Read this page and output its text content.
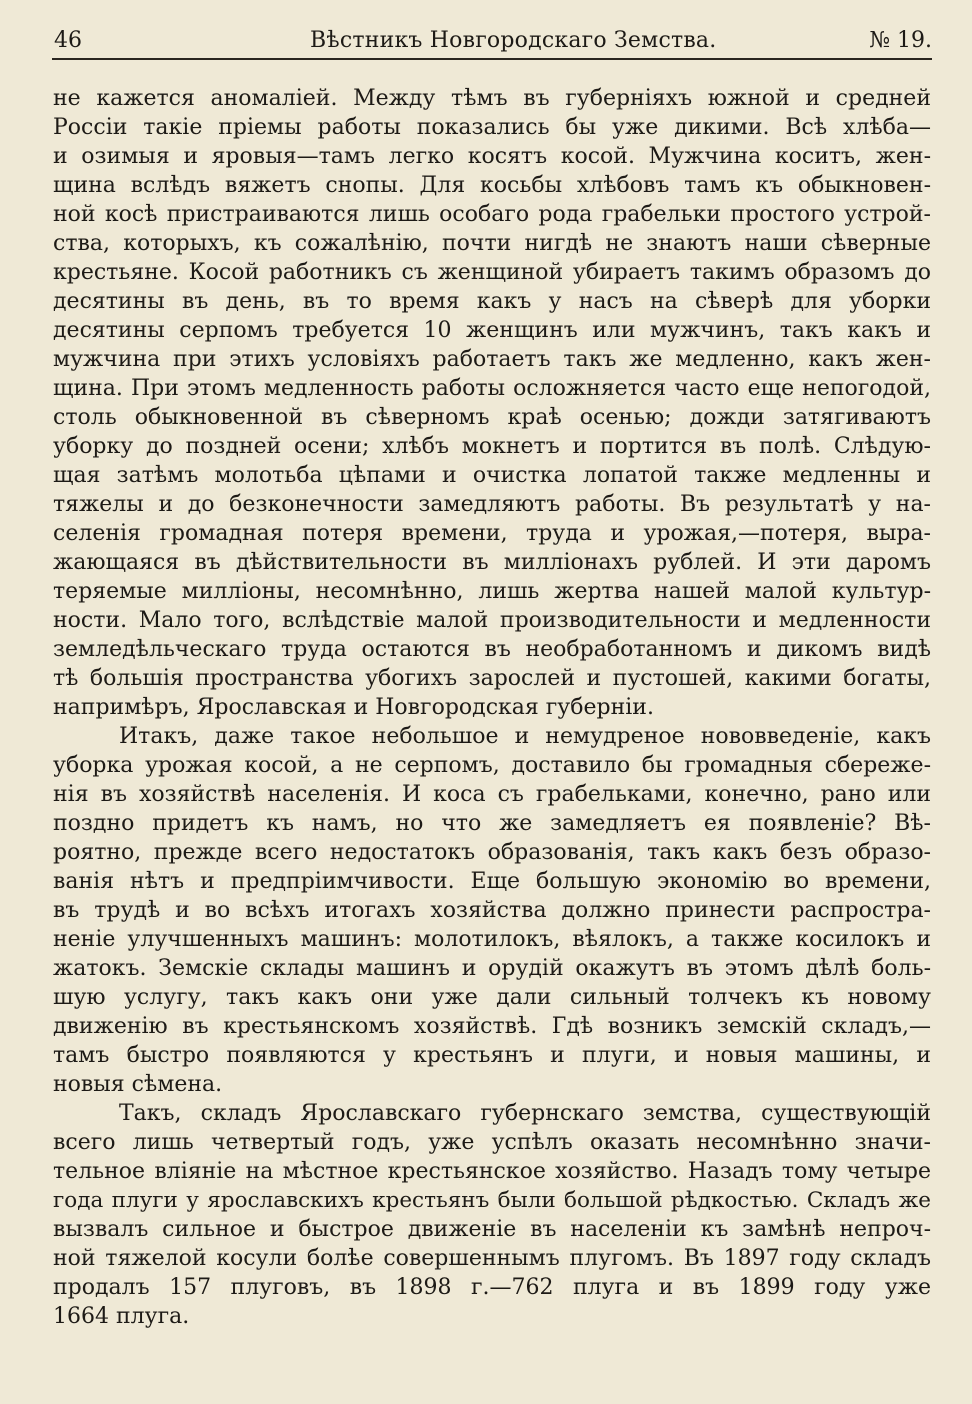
46	Вѣстникъ Новгородскаго Земства.	№ 19.
не кажется аномаліей. Между тѣмъ въ губерніяхъ южной и средней
Россіи такіе пріемы работы показались бы уже дикими. Всѣ хлѣба—
и озимыя и яровыя—тамъ легко косятъ косой. Мужчина коситъ, жен-
щина вслѣдъ вяжетъ снопы. Для косьбы хлѣбовъ тамъ къ обыкновен-
ной косѣ пристраиваются лишь особаго рода грабельки простого устрой-
ства, которыхъ, къ сожалѣнію, почти нигдѣ не знаютъ наши сѣверные
крестьяне. Косой работникъ съ женщиной убираетъ такимъ образомъ до
десятины въ день, въ то время какъ у насъ на сѣверѣ для уборки
десятины серпомъ требуется 10 женщинъ или мужчинъ, такъ какъ и
мужчина при этихъ условіяхъ работаетъ такъ же медленно, какъ жен-
щина. При этомъ медленность работы осложняется часто еще непогодой,
столь обыкновенной въ сѣверномъ краѣ осенью; дожди затягиваютъ
уборку до поздней осени; хлѣбъ мокнетъ и портится въ полѣ. Слѣдую-
щая затѣмъ молотьба цѣпами и очистка лопатой также медленны и
тяжелы и до безконечности замедляютъ работы. Въ результатѣ у на-
селенія громадная потеря времени, труда и урожая,—потеря, выра-
жающаяся въ дѣйствительности въ милліонахъ рублей. И эти даромъ
теряемые милліоны, несомнѣнно, лишь жертва нашей малой культур-
ности. Мало того, вслѣдствіе малой производительности и медленности
земледѣльческаго труда остаются въ необработанномъ и дикомъ видѣ
тѣ большія пространства убогихъ зарослей и пустошей, какими богаты,
напримѣръ, Ярославская и Новгородская губерніи.
Итакъ, даже такое небольшое и немудреное нововведеніе, какъ
уборка урожая косой, а не серпомъ, доставило бы громадныя сбереже-
нія въ хозяйствѣ населенія. И коса съ грабельками, конечно, рано или
поздно придетъ къ намъ, но что же замедляетъ ея появленіе? Вѣ-
роятно, прежде всего недостатокъ образованія, такъ какъ безъ образо-
ванія нѣтъ и предпріимчивости. Еще большую экономію во времени,
въ трудѣ и во всѣхъ итогахъ хозяйства должно принести распростра-
неніе улучшенныхъ машинъ: молотилокъ, вѣялокъ, а также косилокъ и
жатокъ. Земскіе склады машинъ и орудій окажутъ въ этомъ дѣлѣ боль-
шую услугу, такъ какъ они уже дали сильный толчекъ къ новому
движенію въ крестьянскомъ хозяйствѣ. Гдѣ возникъ земскій складъ,—
тамъ быстро появляются у крестьянъ и плуги, и новыя машины, и
новыя сѣмена.
Такъ, складъ Ярославскаго губернскаго земства, существующій
всего лишь четвертый годъ, уже успѣлъ оказать несомнѣнно значи-
тельное вліяніе на мѣстное крестьянское хозяйство. Назадъ тому четыре
года плуги у ярославскихъ крестьянъ были большой рѣдкостью. Складъ же
вызвалъ сильное и быстрое движеніе въ населеніи къ замѣнѣ непроч-
ной тяжелой косули болѣе совершеннымъ плугомъ. Въ 1897 году складъ
продалъ 157 плуговъ, въ 1898 г.—762 плуга и въ 1899 году уже
1664 плуга.
